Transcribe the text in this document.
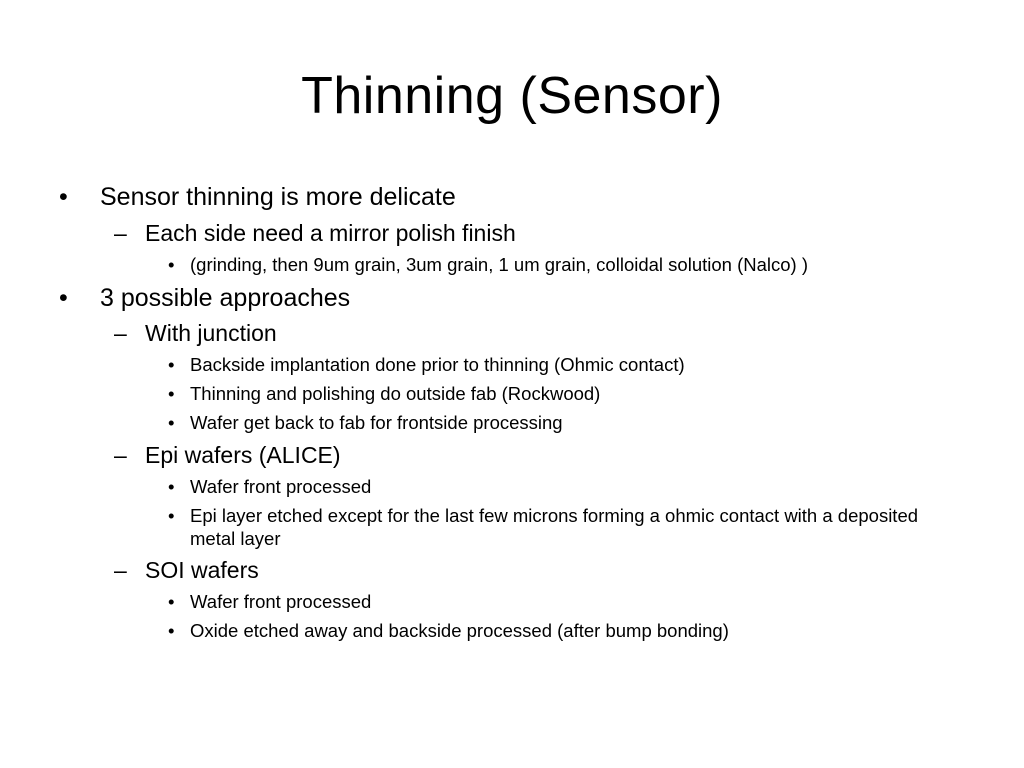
Thinning (Sensor)
• Sensor thinning is more delicate
– Each side need a mirror polish finish
• (grinding, then 9um grain, 3um grain, 1 um grain, colloidal solution (Nalco) )
• 3 possible approaches
– With junction
• Backside implantation done prior to thinning (Ohmic contact)
• Thinning and polishing do outside fab (Rockwood)
• Wafer get back to fab for frontside processing
– Epi wafers (ALICE)
• Wafer front processed
• Epi layer etched except for the last few microns forming a ohmic contact with a deposited metal layer
– SOI wafers
• Wafer front processed
• Oxide etched away and backside processed (after bump bonding)
